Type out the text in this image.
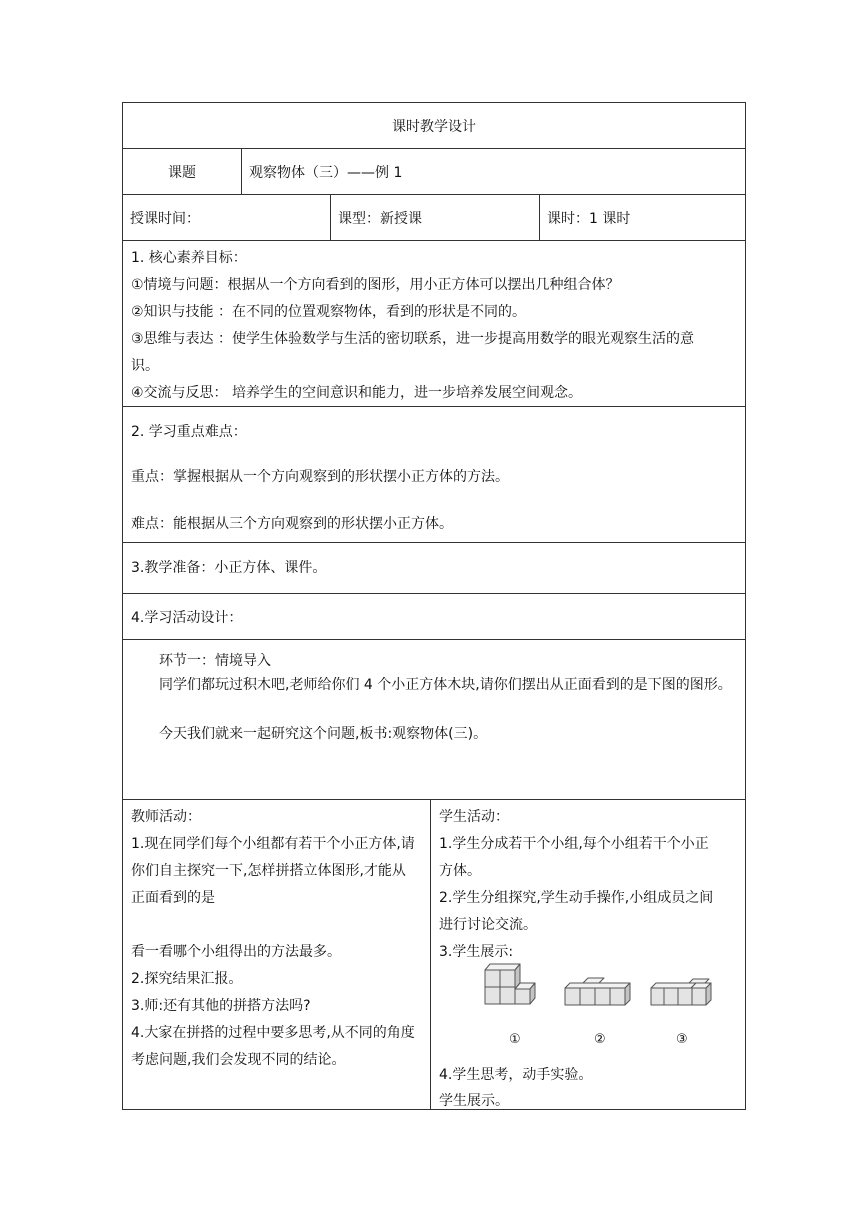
课时教学设计
课题	观察物体（三）——例 1
授课时间：	课型：新授课	课时：1 课时

1. 核心素养目标：

①情境与问题：根据从一个方向看到的图形，用小正方体可以摆出几种组合体？

②知识与技能 ：在不同的位置观察物体，看到的形状是不同的。

③思维与表达 ：使学生体验数学与生活的密切联系，进一步提高用数学的眼光观察生活的意

识。

④交流与反思： 培养学生的空间意识和能力，进一步培养发展空间观念。

2. 学习重点难点：
重点：掌握根据从一个方向观察到的形状摆小正方体的方法。
难点：能根据从三个方向观察到的形状摆小正方体。
3.教学准备：小正方体、课件。
4.学习活动设计：
环节一：情境导入
同学们都玩过积木吧,老师给你们 4 个小正方体木块,请你们摆出从正面看到的是下图的图形。
今天我们就来一起研究这个问题,板书:观察物体(三)。

教师活动：

1.现在同学们每个小组都有若干个小正方体,请

你们自主探究一下,怎样拼搭立体图形,才能从

正面看到的是

看一看哪个小组得出的方法最多。

2.探究结果汇报。

3.师:还有其他的拼搭方法吗?

4.大家在拼搭的过程中要多思考,从不同的角度

考虑问题,我们会发现不同的结论。

学生活动：

1.学生分成若干个小组,每个小组若干个小正

方体。

2.学生分组探究,学生动手操作,小组成员之间

进行讨论交流。

3.学生展示:

①	②	③
4.学生思考，动手实验。
学生展示。
